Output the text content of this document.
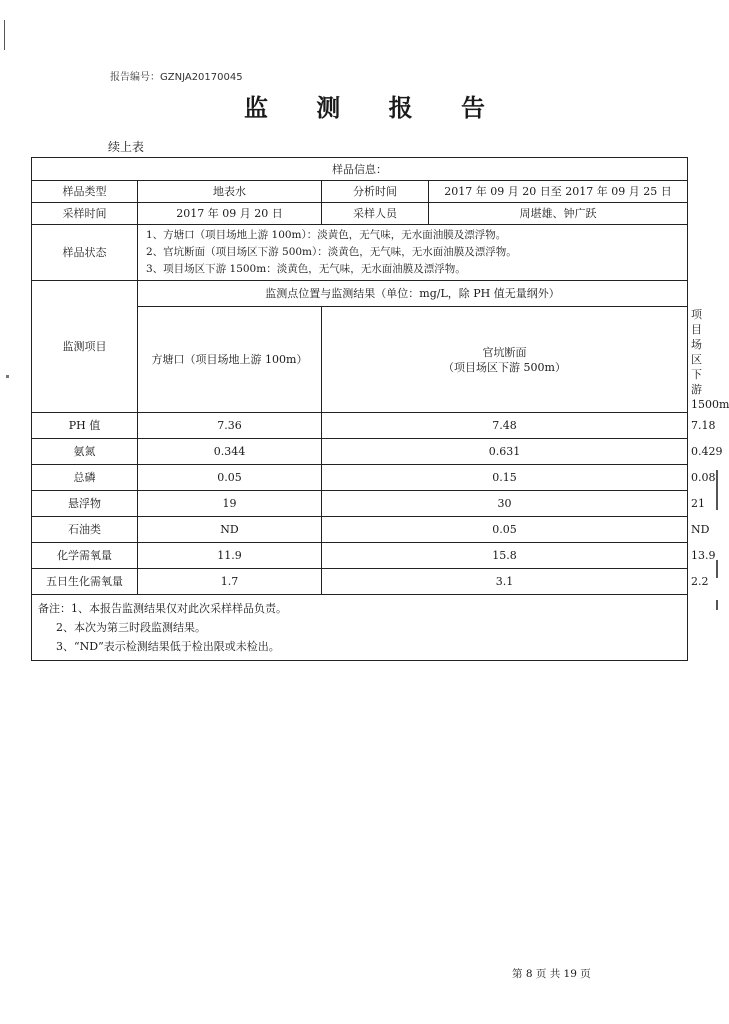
报告编号：GZNJA20170045
监 测 报 告
续上表
样品信息：				
样品类型	地表水	分析时间	2017 年 09 月 20 日至 2017 年 09 月 25 日	
采样时间	2017 年 09 月 20 日	采样人员	周堪雄、钟广跃	
样品状态	1、方塘口（项目场地上游 100m）：淡黄色，无气味，无水面油膜及漂浮物。
2、官坑断面（项目场区下游 500m）：淡黄色，无气味，无水面油膜及漂浮物。
3、项目场区下游 1500m：淡黄色，无气味，无水面油膜及漂浮物。			

监测项目	监测点位置与监测结果（单位：mg/L，除 PH 值无量纲外）			

	方塘口（项目场地上游 100m）	官坑断面
（项目场区下游 500m）		项目场区下游 1500m

PH 值	7.36	7.48		7.18
氨氮	0.344	0.631		0.429
总磷	0.05	0.15		0.08
悬浮物	19	30		21
石油类	ND	0.05		ND
化学需氧量	11.9	15.8		13.9
五日生化需氧量	1.7	3.1		2.2

备注：1、本报告监测结果仅对此次采样样品负责。
2、本次为第三时段监测结果。
3、“ND”表示检测结果低于检出限或未检出。				
第 8 页 共 19 页
